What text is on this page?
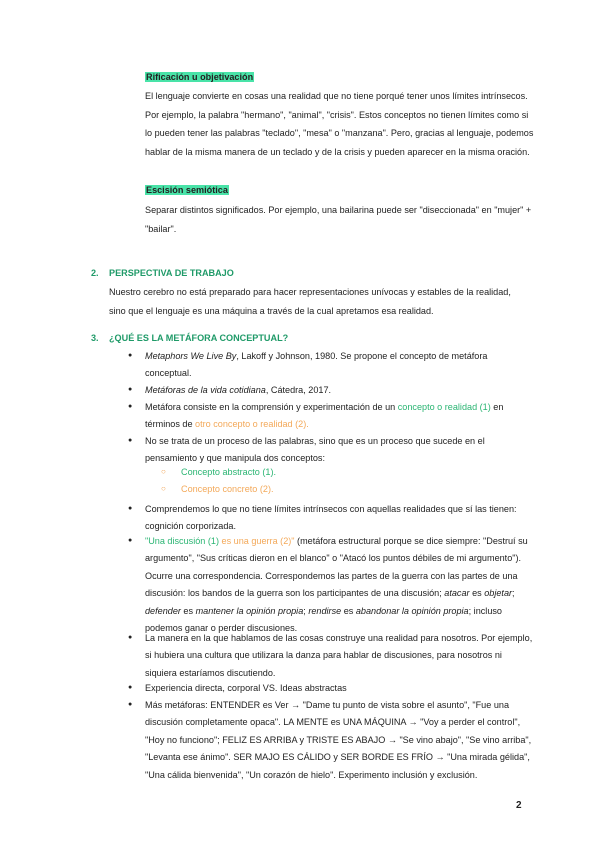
Rificación u objetivación
El lenguaje convierte en cosas una realidad que no tiene porqué tener unos límites intrínsecos. Por ejemplo, la palabra "hermano", "animal", "crisis". Estos conceptos no tienen límites como si lo pueden tener las palabras "teclado", "mesa" o "manzana". Pero, gracias al lenguaje, podemos hablar de la misma manera de un teclado y de la crisis y pueden aparecer en la misma oración.
Escisión semiótica
Separar distintos significados. Por ejemplo, una bailarina puede ser "diseccionada" en "mujer" + "bailar".
2. PERSPECTIVA DE TRABAJO
Nuestro cerebro no está preparado para hacer representaciones unívocas y estables de la realidad, sino que el lenguaje es una máquina a través de la cual apretamos esa realidad.
3. ¿QUÉ ES LA METÁFORA CONCEPTUAL?
● Metaphors We Live By, Lakoff y Johnson, 1980. Se propone el concepto de metáfora conceptual.
● Metáforas de la vida cotidiana, Cátedra, 2017.
● Metáfora consiste en la comprensión y experimentación de un concepto o realidad (1) en términos de otro concepto o realidad (2).
● No se trata de un proceso de las palabras, sino que es un proceso que sucede en el pensamiento y que manipula dos conceptos:
○ Concepto abstracto (1).
○ Concepto concreto (2).
● Comprendemos lo que no tiene límites intrínsecos con aquellas realidades que sí las tienen: cognición corporizada.
● "Una discusión (1) es una guerra (2)" (metáfora estructural porque se dice siempre: "Destruí su argumento", "Sus críticas dieron en el blanco" o "Atacó los puntos débiles de mi argumento"). Ocurre una correspondencia. Correspondemos las partes de la guerra con las partes de una discusión: los bandos de la guerra son los participantes de una discusión; atacar es objetar; defender es mantener la opinión propia; rendirse es abandonar la opinión propia; incluso podemos ganar o perder discusiones.
● La manera en la que hablamos de las cosas construye una realidad para nosotros. Por ejemplo, si hubiera una cultura que utilizara la danza para hablar de discusiones, para nosotros ni siquiera estaríamos discutiendo.
● Experiencia directa, corporal VS. Ideas abstractas
● Más metáforas: ENTENDER es Ver → "Dame tu punto de vista sobre el asunto", "Fue una discusión completamente opaca". LA MENTE es UNA MÁQUINA → "Voy a perder el control", "Hoy no funciono"; FELIZ ES ARRIBA y TRISTE ES ABAJO → "Se vino abajo", "Se vino arriba", "Levanta ese ánimo". SER MAJO ES CÁLIDO y SER BORDE ES FRÍO → "Una mirada gélida", "Una cálida bienvenida", "Un corazón de hielo". Experimento inclusión y exclusión.
2
